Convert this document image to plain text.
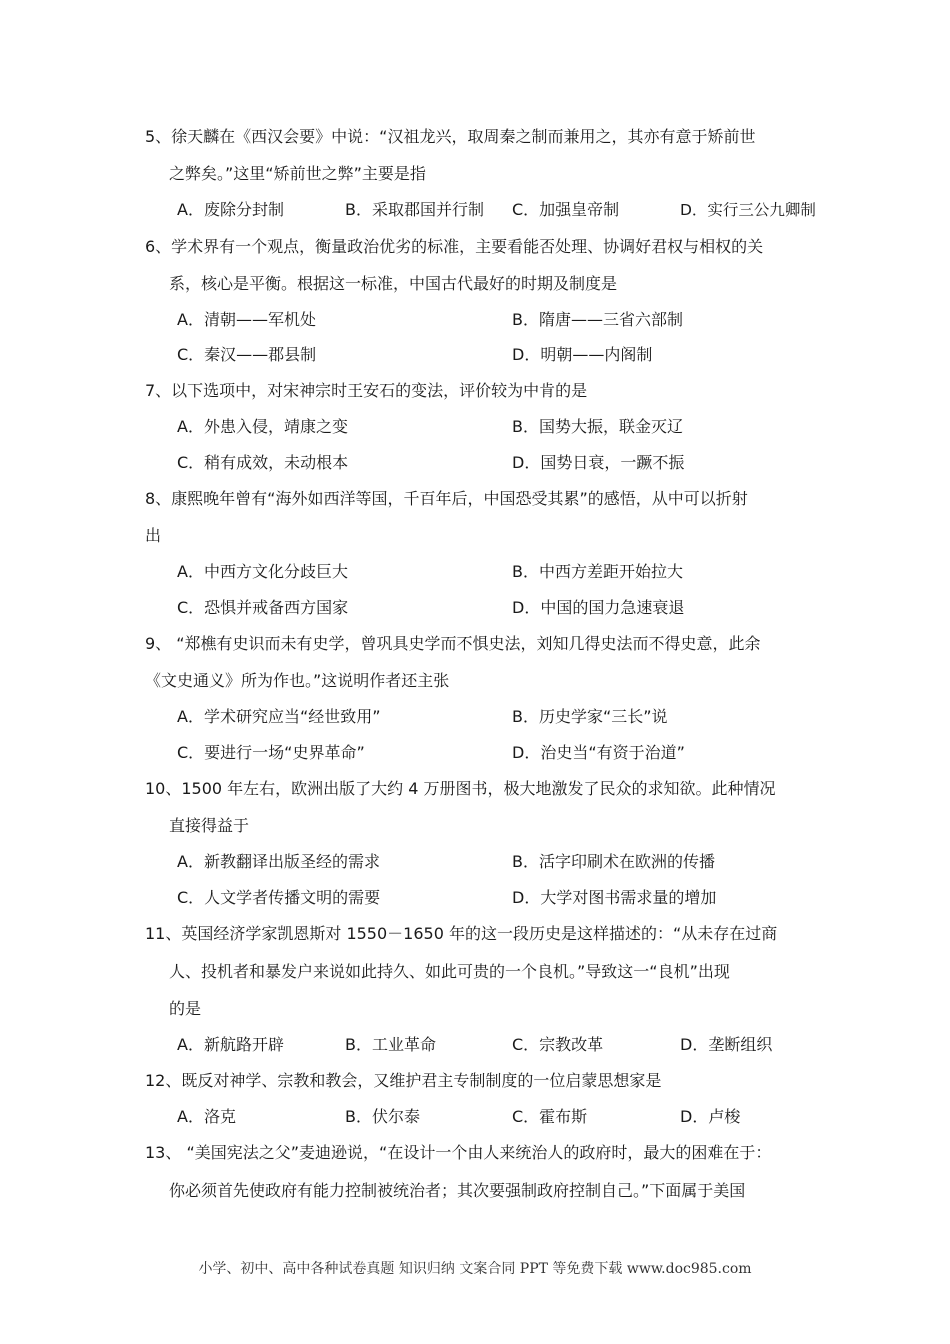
5、徐天麟在《西汉会要》中说：“汉祖龙兴，取周秦之制而兼用之，其亦有意于矫前世
之弊矣。”这里“矫前世之弊”主要是指
A．废除分封制	B．采取郡国并行制 C．加强皇帝制	D．实行三公九卿制
6、学术界有一个观点，衡量政治优劣的标准，主要看能否处理、协调好君权与相权的关
系，核心是平衡。根据这一标准，中国古代最好的时期及制度是
A．清朝——军机处	B．隋唐——三省六部制
C．秦汉——郡县制	D．明朝——内阁制
7、以下选项中，对宋神宗时王安石的变法，评价较为中肯的是
A．外患入侵，靖康之变	B．国势大振，联金灭辽
C．稍有成效，未动根本	D．国势日衰，一蹶不振
8、康熙晚年曾有“海外如西洋等国，千百年后，中国恐受其累”的感悟，从中可以折射
出
A．中西方文化分歧巨大	B．中西方差距开始拉大
C．恐惧并戒备西方国家	D．中国的国力急速衰退
9、 “郑樵有史识而未有史学，曾巩具史学而不惧史法，刘知几得史法而不得史意，此余
《文史通义》所为作也。”这说明作者还主张
A．学术研究应当“经世致用”	B．历史学家“三长”说
C．要进行一场“史界革命”	D．治史当“有资于治道”
10、1500 年左右，欧洲出版了大约 4 万册图书，极大地激发了民众的求知欲。此种情况
直接得益于
A．新教翻译出版圣经的需求	B．活字印刷术在欧洲的传播
C．人文学者传播文明的需要	D．大学对图书需求量的增加
11、英国经济学家凯恩斯对 1550－1650 年的这一段历史是这样描述的：“从未存在过商
人、投机者和暴发户来说如此持久、如此可贵的一个良机。”导致这一“良机”出现
的是
A．新航路开辟	B．工业革命	C．宗教改革	D．垄断组织
12、既反对神学、宗教和教会，又维护君主专制制度的一位启蒙思想家是
A．洛克	B．伏尔泰	C．霍布斯	D．卢梭
13、 “美国宪法之父”麦迪逊说，“在设计一个由人来统治人的政府时，最大的困难在于：
你必须首先使政府有能力控制被统治者；其次要强制政府控制自己。”下面属于美国
小学、初中、高中各种试卷真题 知识归纳 文案合同 PPT 等免费下载 www.doc985.com
